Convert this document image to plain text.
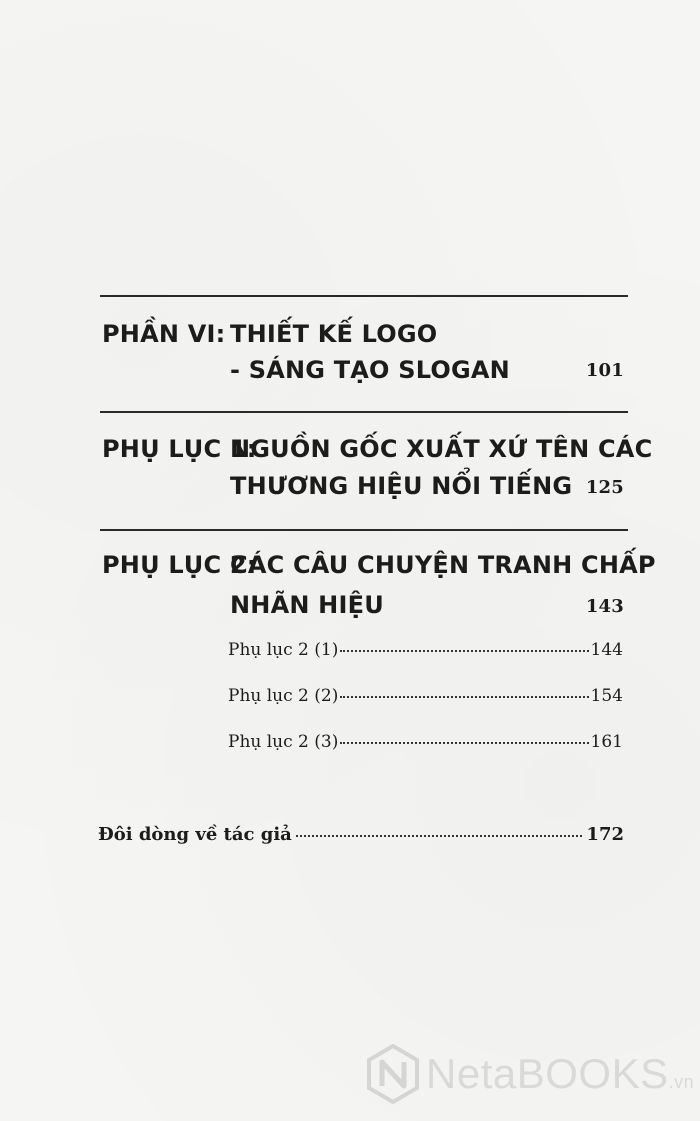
PHẦN VI: THIẾT KẾ LOGO
- SÁNG TẠO SLOGAN	101
PHỤ LỤC 1:
NGUỒN GỐC XUẤT XỨ TÊN CÁC
THƯƠNG HIỆU NỔI TIẾNG 125
PHỤ LỤC 2:
CÁC CÂU CHUYỆN TRANH CHẤP
NHÃN HIỆU	143
Phụ lục 2 (1)	144
Phụ lục 2 (2)	154
Phụ lục 2 (3)	161
Đôi dòng về tác giả	172
NetaBOOKS.vn
